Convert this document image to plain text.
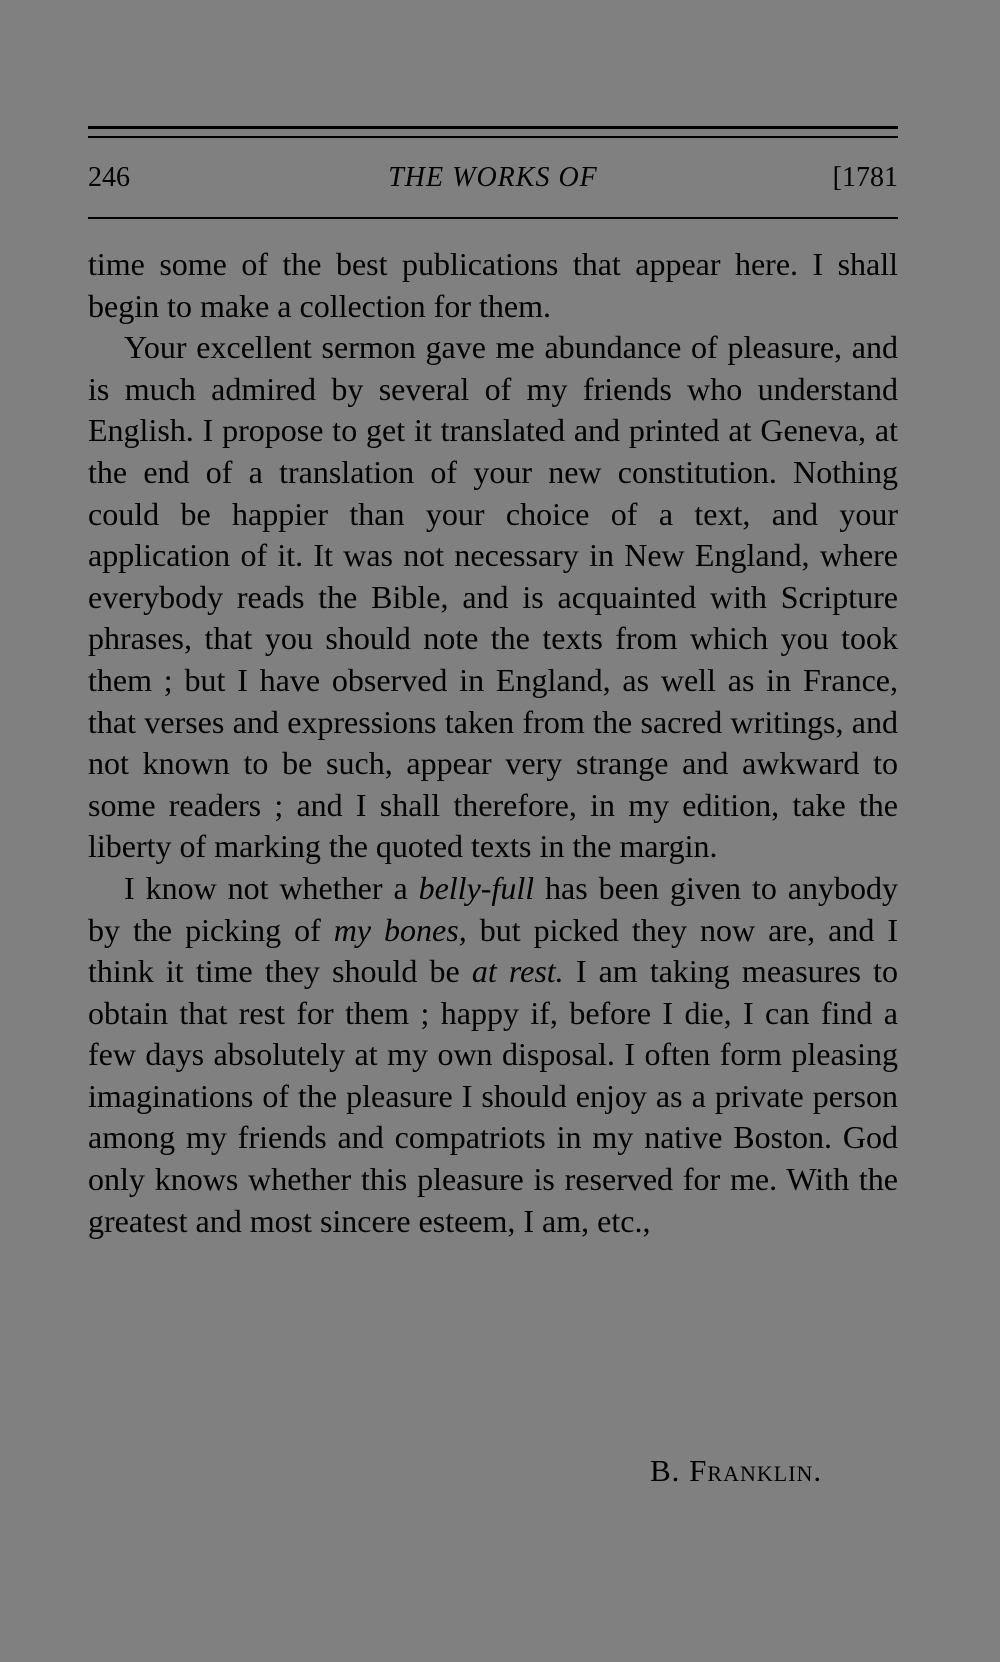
246	THE WORKS OF	[1781

time some of the best publications that appear here. I shall begin to make a collection for them.

Your excellent sermon gave me abundance of pleasure, and is much admired by several of my friends who understand English. I propose to get it translated and printed at Geneva, at the end of a translation of your new constitution. Nothing could be happier than your choice of a text, and your application of it. It was not necessary in New England, where everybody reads the Bible, and is acquainted with Scripture phrases, that you should note the texts from which you took them ; but I have observed in England, as well as in France, that verses and expressions taken from the sacred writings, and not known to be such, appear very strange and awkward to some readers ; and I shall therefore, in my edition, take the liberty of marking the quoted texts in the margin.

I know not whether a belly-full has been given to anybody by the picking of my bones, but picked they now are, and I think it time they should be at rest. I am taking measures to obtain that rest for them ; happy if, before I die, I can find a few days absolutely at my own disposal. I often form pleasing imaginations of the pleasure I should enjoy as a private person among my friends and compatriots in my native Boston. God only knows whether this pleasure is reserved for me. With the greatest and most sincere esteem, I am, etc.,

B. Franklin.
